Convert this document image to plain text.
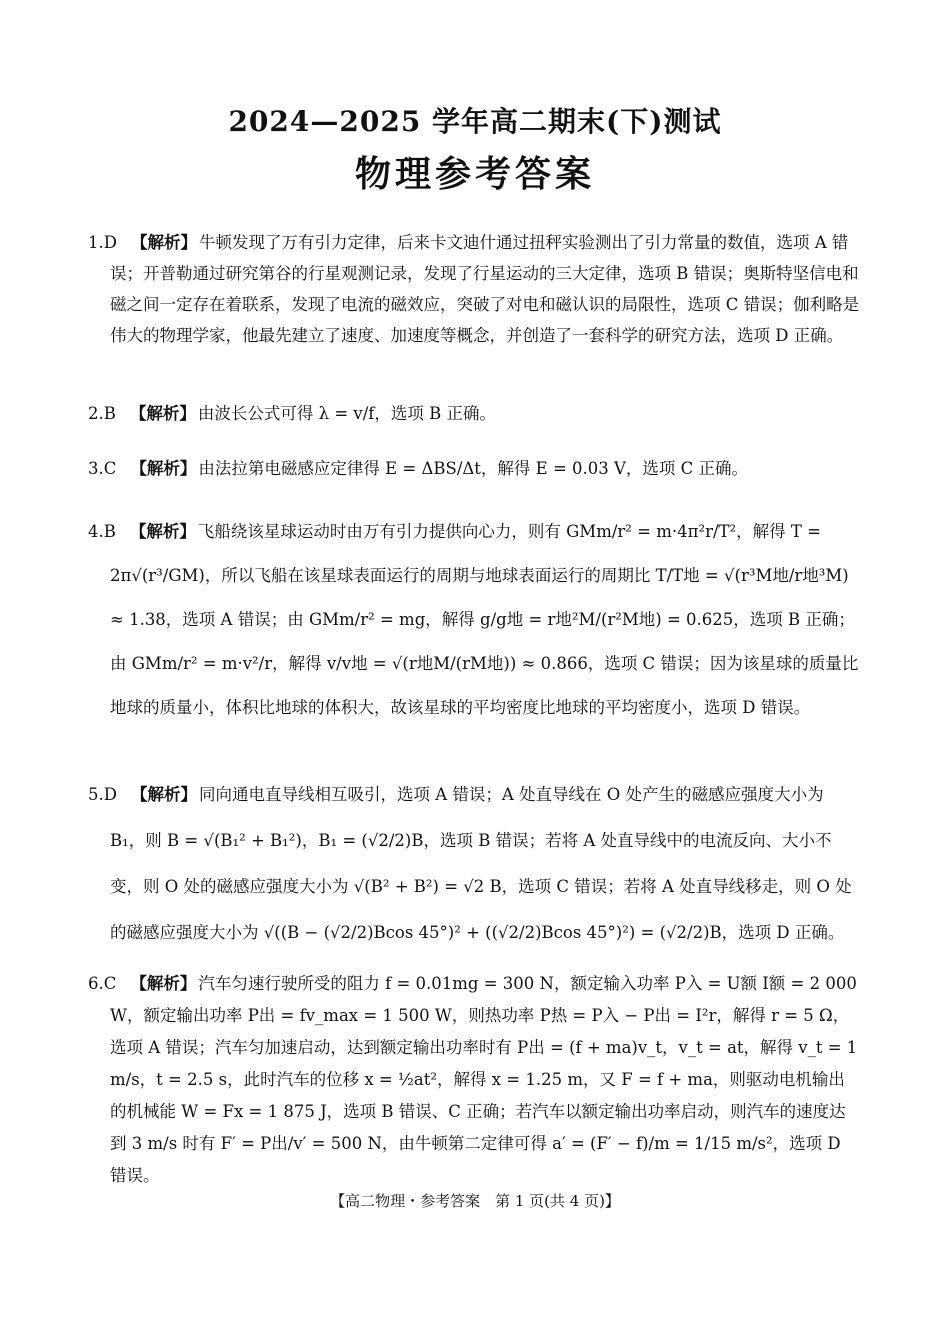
2024—2025 学年高二期末(下)测试
物理参考答案

1.D 【解析】 牛顿发现了万有引力定律，后来卡文迪什通过扭秤实验测出了引力常量的数值，选项 A 错误；开普勒通过研究第谷的行星观测记录，发现了行星运动的三大定律，选项 B 错误；奥斯特坚信电和磁之间一定存在着联系，发现了电流的磁效应，突破了对电和磁认识的局限性，选项 C 错误；伽利略是伟大的物理学家，他最先建立了速度、加速度等概念，并创造了一套科学的研究方法，选项 D 正确。

2.B 【解析】 由波长公式可得 λ = v/f，选项 B 正确。

3.C 【解析】 由法拉第电磁感应定律得 E = ΔBS/Δt，解得 E = 0.03 V，选项 C 正确。

4.B 【解析】 飞船绕该星球运动时由万有引力提供向心力，则有 GMm/r² = m·4π²r/T²，解得 T = 2π√(r³/GM)，所以飞船在该星球表面运行的周期与地球表面运行的周期比 T/T地 = √(r³M地/r地³M) ≈ 1.38，选项 A 错误；由 GMm/r² = mg，解得 g/g地 = r地²M/(r²M地) = 0.625，选项 B 正确；由 GMm/r² = m·v²/r，解得 v/v地 = √(r地M/(rM地)) ≈ 0.866，选项 C 错误；因为该星球的质量比地球的质量小，体积比地球的体积大，故该星球的平均密度比地球的平均密度小，选项 D 错误。

5.D 【解析】 同向通电直导线相互吸引，选项 A 错误；A 处直导线在 O 处产生的磁感应强度大小为 B₁，则 B = √(B₁² + B₁²)，B₁ = (√2/2)B，选项 B 错误；若将 A 处直导线中的电流反向、大小不变，则 O 处的磁感应强度大小为 √(B² + B²) = √2 B，选项 C 错误；若将 A 处直导线移走，则 O 处的磁感应强度大小为 √((B − (√2/2)Bcos 45°)² + ((√2/2)Bcos 45°)²) = (√2/2)B，选项 D 正确。

6.C 【解析】 汽车匀速行驶所受的阻力 f = 0.01mg = 300 N，额定输入功率 P入 = U额 I额 = 2 000 W，额定输出功率 P出 = fv_max = 1 500 W，则热功率 P热 = P入 − P出 = I²r，解得 r = 5 Ω，选项 A 错误；汽车匀加速启动，达到额定输出功率时有 P出 = (f + ma)v_t，v_t = at，解得 v_t = 1 m/s，t = 2.5 s，此时汽车的位移 x = ½at²，解得 x = 1.25 m，又 F = f + ma，则驱动电机输出的机械能 W = Fx = 1 875 J，选项 B 错误、C 正确；若汽车以额定输出功率启动，则汽车的速度达到 3 m/s 时有 F′ = P出/v′ = 500 N，由牛顿第二定律可得 a′ = (F′ − f)/m = 1/15 m/s²，选项 D 错误。

【高二物理・参考答案　第 1 页(共 4 页)】
